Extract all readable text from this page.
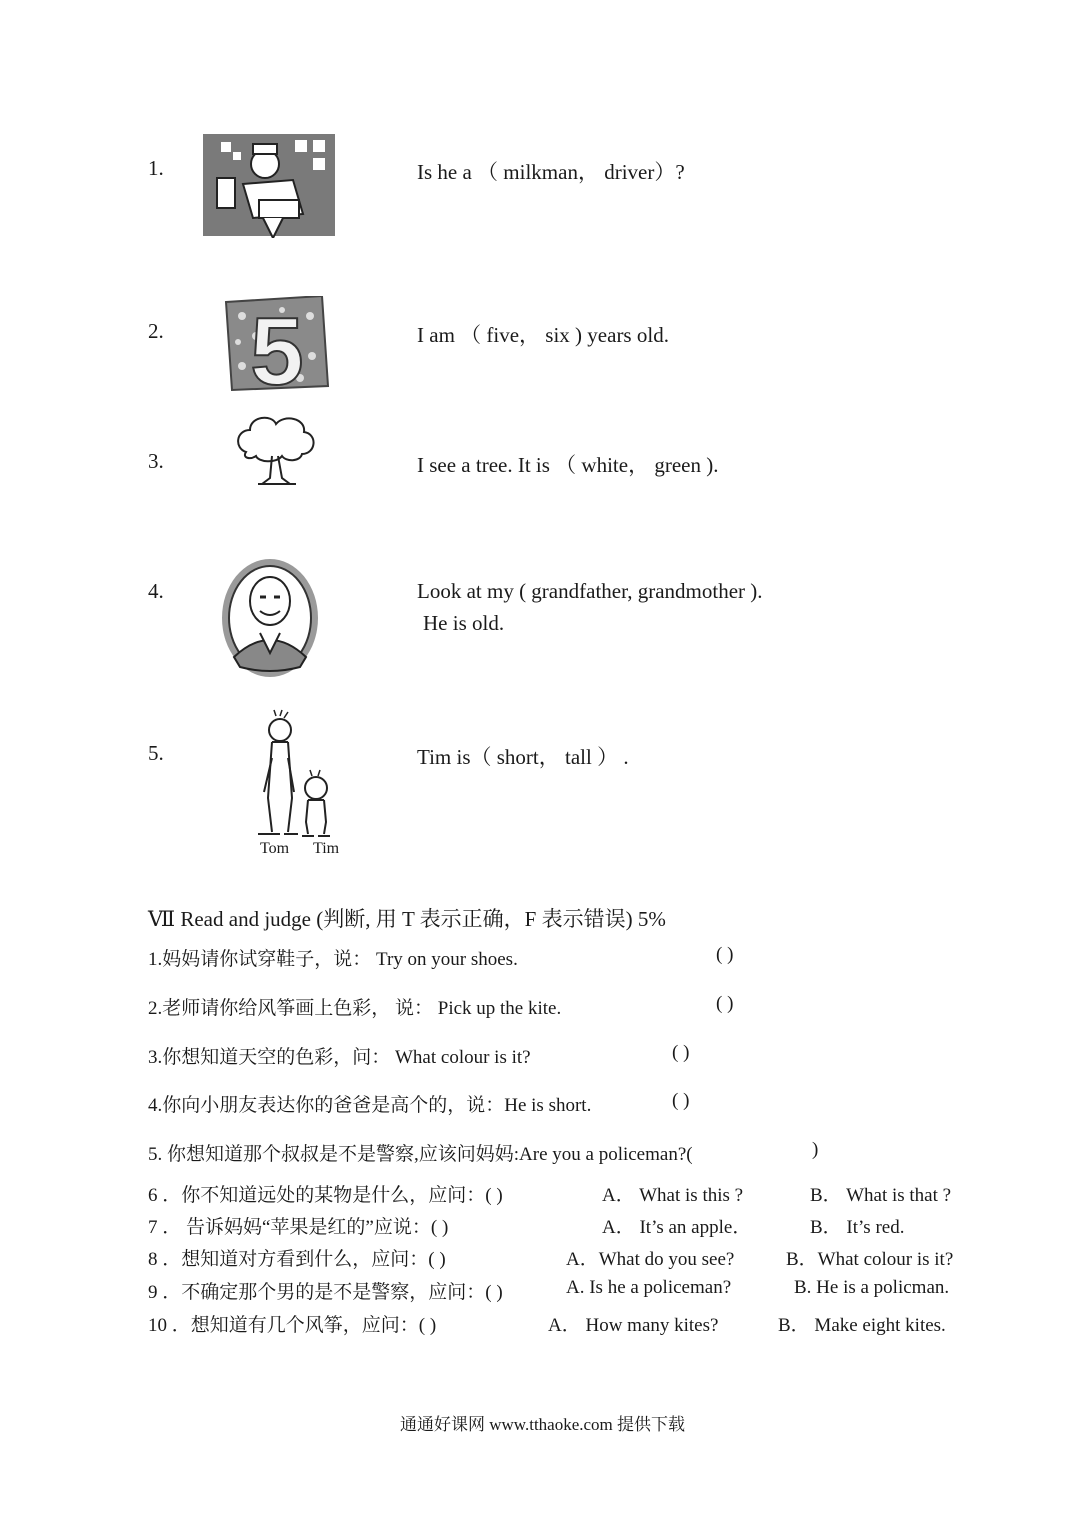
1.	Is he a （ milkman， driver）?
2. 5	I am （ five， six ) years old.
3.	I see a tree. It is （ white， green ).
4.	Look at my ( grandfather, grandmother ).
He is old.
5.
Tom Tim
Tim is（ short， tall ） .
Ⅶ Read and judge (判断, 用 T 表示正确，F 表示错误) 5%
1.妈妈请你试穿鞋子，说： Try on your shoes.	( )
2.老师请你给风筝画上色彩， 说： Pick up the kite.	( )
3.你想知道天空的色彩，问： What colour is it?	( )
4.你向小朋友表达你的爸爸是高个的，说：He is short.	( )
5. 你想知道那个叔叔是不是警察,应该问妈妈:Are you a policeman?(	)
6 ．你不知道远处的某物是什么，应问：( )	A． What is this ?	B． What is that ?
7 ． 告诉妈妈“苹果是红的”应说：( )	A． It’s an apple．	B． It’s red.
8 ．想知道对方看到什么，应问：( )	A．What do you see?	B．What colour is it?
9 ．不确定那个男的是不是警察，应问：( )	A. Is he a policeman?	B. He is a policman.
10 ．想知道有几个风筝，应问：( )	A． How many kites?	B． Make eight kites.
通通好课网 www.tthaoke.com 提供下载
